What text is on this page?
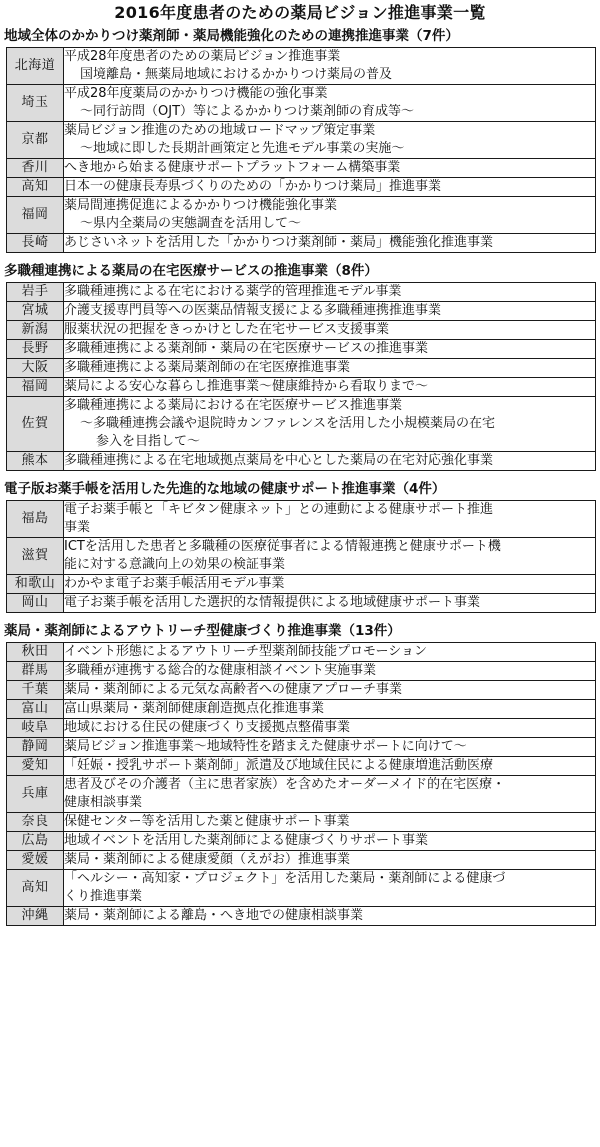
2016年度患者のための薬局ビジョン推進事業一覧
地域全体のかかりつけ薬剤師・薬局機能強化のための連携推進事業（7件）
北海道	平成28年度患者のための薬局ビジョン推進事業
国境離島・無薬局地域におけるかかりつけ薬局の普及

埼玉	平成28年度薬局のかかりつけ機能の強化事業
〜同行訪問（OJT）等によるかかりつけ薬剤師の育成等〜

京都	薬局ビジョン推進のための地域ロードマップ策定事業
〜地域に即した長期計画策定と先進モデル事業の実施〜

香川	へき地から始まる健康サポートプラットフォーム構築事業

高知	日本一の健康長寿県づくりのための「かかりつけ薬局」推進事業

福岡	薬局間連携促進によるかかりつけ機能強化事業
〜県内全薬局の実態調査を活用して〜

長崎	あじさいネットを活用した「かかりつけ薬剤師・薬局」機能強化推進事業
多職種連携による薬局の在宅医療サービスの推進事業（8件）
岩手	多職種連携による在宅における薬学的管理推進モデル事業

宮城	介護支援専門員等への医薬品情報支援による多職種連携推進事業

新潟	服薬状況の把握をきっかけとした在宅サービス支援事業

長野	多職種連携による薬剤師・薬局の在宅医療サービスの推進事業

大阪	多職種連携による薬局薬剤師の在宅医療推進事業

福岡	薬局による安心な暮らし推進事業〜健康維持から看取りまで〜

佐賀	多職種連携による薬局における在宅医療サービス推進事業
〜多職種連携会議や退院時カンファレンスを活用した小規模薬局の在宅
参入を目指して〜

熊本	多職種連携による在宅地域拠点薬局を中心とした薬局の在宅対応強化事業
電子版お薬手帳を活用した先進的な地域の健康サポート推進事業（4件）
福島	電子お薬手帳と「キビタン健康ネット」との連動による健康サポート推進
事業

滋賀	ICTを活用した患者と多職種の医療従事者による情報連携と健康サポート機
能に対する意識向上の効果の検証事業

和歌山	わかやま電子お薬手帳活用モデル事業

岡山	電子お薬手帳を活用した選択的な情報提供による地域健康サポート事業
薬局・薬剤師によるアウトリーチ型健康づくり推進事業（13件）
秋田	イベント形態によるアウトリーチ型薬剤師技能プロモーション

群馬	多職種が連携する総合的な健康相談イベント実施事業

千葉	薬局・薬剤師による元気な高齢者への健康アプローチ事業

富山	富山県薬局・薬剤師健康創造拠点化推進事業

岐阜	地域における住民の健康づくり支援拠点整備事業

静岡	薬局ビジョン推進事業〜地域特性を踏まえた健康サポートに向けて〜

愛知	「妊娠・授乳サポート薬剤師」派遣及び地域住民による健康増進活動医療

兵庫	患者及びその介護者（主に患者家族）を含めたオーダーメイド的在宅医療・
健康相談事業

奈良	保健センター等を活用した薬と健康サポート事業

広島	地域イベントを活用した薬剤師による健康づくりサポート事業

愛媛	薬局・薬剤師による健康愛顔（えがお）推進事業

高知	「ヘルシー・高知家・プロジェクト」を活用した薬局・薬剤師による健康づ
くり推進事業

沖縄	薬局・薬剤師による離島・へき地での健康相談事業
